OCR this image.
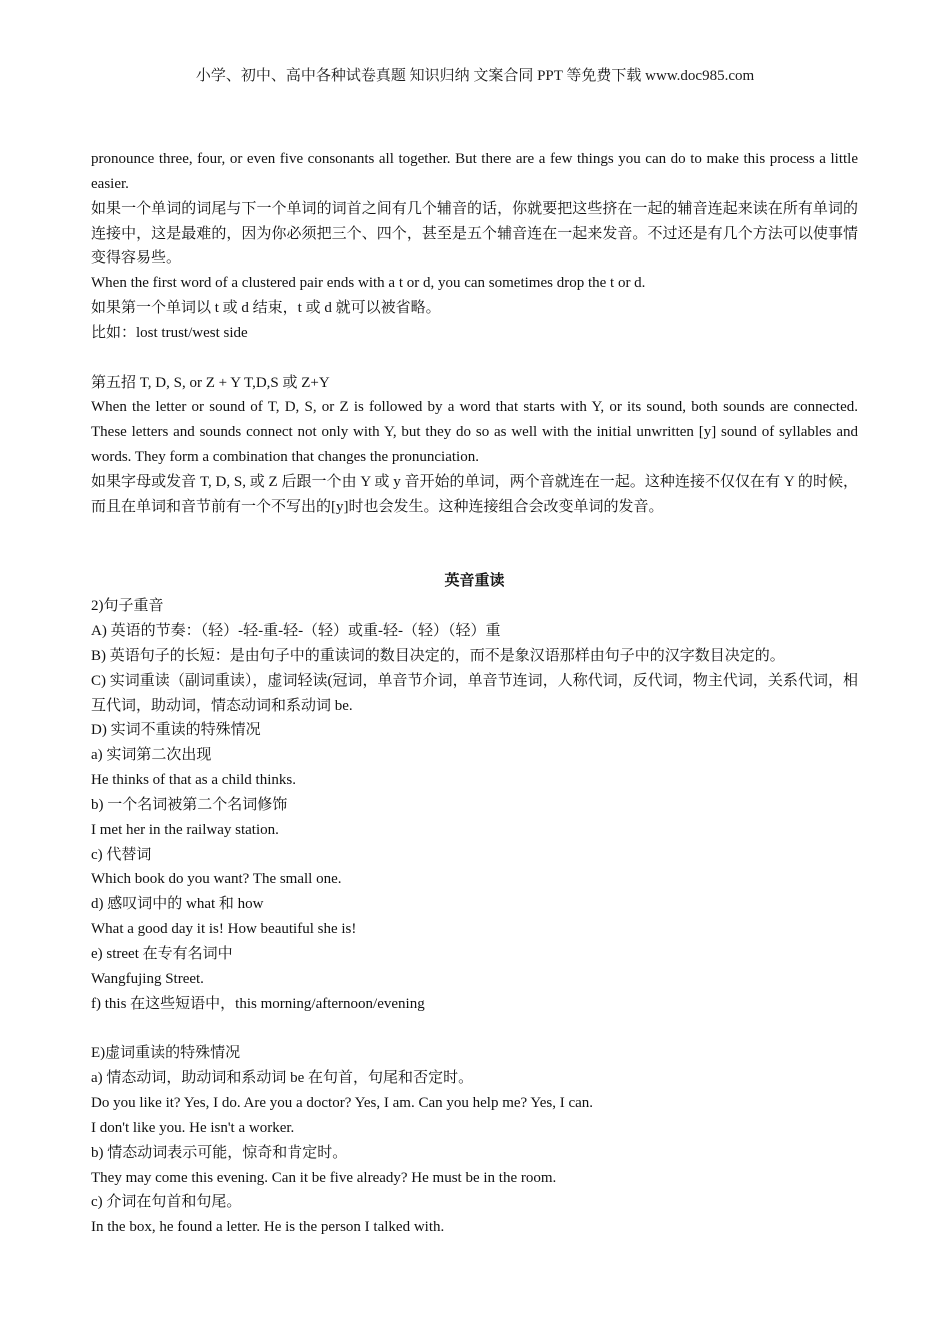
小学、初中、高中各种试卷真题 知识归纳 文案合同 PPT 等免费下载 www.doc985.com

pronounce three, four, or even five consonants all together. But there are a few things you can do to make this process a little easier.

如果一个单词的词尾与下一个单词的词首之间有几个辅音的话，你就要把这些挤在一起的辅音连起来读在所有单词的连接中，这是最难的，因为你必须把三个、四个，甚至是五个辅音连在一起来发音。不过还是有几个方法可以使事情变得容易些。

When the first word of a clustered pair ends with a t or d, you can sometimes drop the t or d.

如果第一个单词以 t 或 d 结束，t 或 d 就可以被省略。

比如：lost trust/west side

第五招 T, D, S, or Z + Y T,D,S 或 Z+Y

When the letter or sound of T, D, S, or Z is followed by a word that starts with Y, or its sound, both sounds are connected. These letters and sounds connect not only with Y, but they do so as well with the initial unwritten [y] sound of syllables and words. They form a combination that changes the pronunciation.

如果字母或发音 T, D, S, 或 Z 后跟一个由 Y 或 y 音开始的单词，两个音就连在一起。这种连接不仅仅在有 Y 的时候，而且在单词和音节前有一个不写出的[y]时也会发生。这种连接组合会改变单词的发音。

英音重读

2)句子重音

A) 英语的节奏：（轻）-轻-重-轻-（轻）或重-轻-（轻）（轻）重

B) 英语句子的长短：是由句子中的重读词的数目决定的，而不是象汉语那样由句子中的汉字数目决定的。

C) 实词重读（副词重读），虚词轻读(冠词，单音节介词，单音节连词，人称代词，反代词，物主代词，关系代词，相互代词，助动词，情态动词和系动词 be.

D) 实词不重读的特殊情况

a) 实词第二次出现

He thinks of that as a child thinks.

b) 一个名词被第二个名词修饰

I met her in the railway station.

c) 代替词

Which book do you want? The small one.

d) 感叹词中的 what 和 how

What a good day it is! How beautiful she is!

e) street 在专有名词中

Wangfujing Street.

f) this 在这些短语中，this morning/afternoon/evening

E)虚词重读的特殊情况

a) 情态动词，助动词和系动词 be 在句首，句尾和否定时。

Do you like it? Yes, I do. Are you a doctor? Yes, I am. Can you help me? Yes, I can.

I don't like you. He isn't a worker.

b) 情态动词表示可能，惊奇和肯定时。

They may come this evening. Can it be five already? He must be in the room.

c) 介词在句首和句尾。

In the box, he found a letter. He is the person I talked with.
